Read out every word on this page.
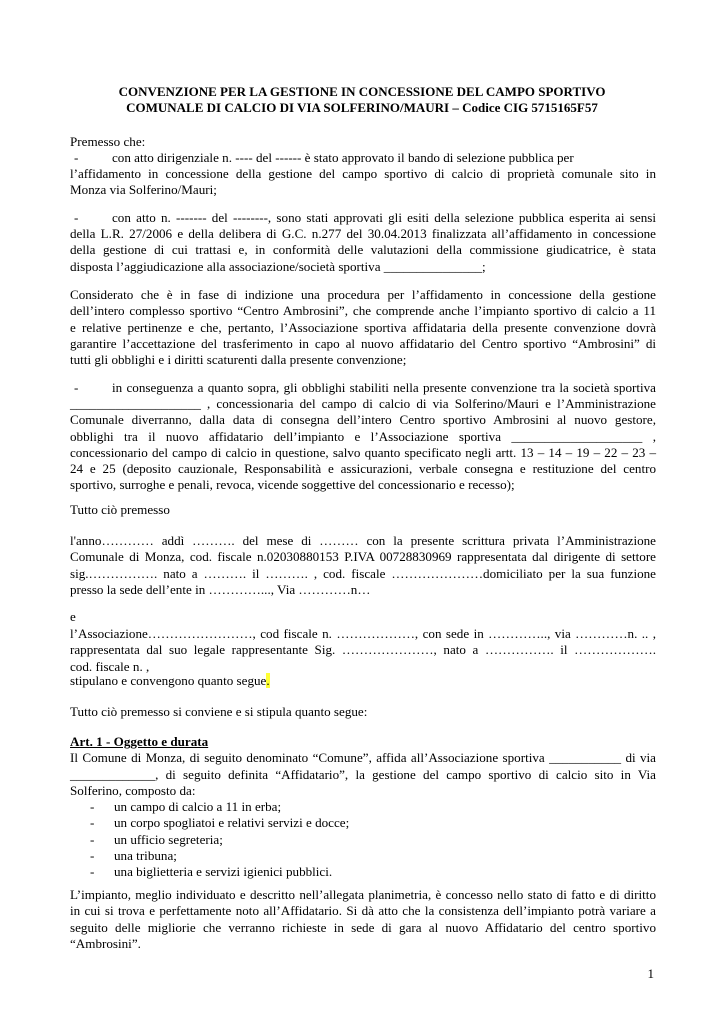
CONVENZIONE PER LA GESTIONE IN CONCESSIONE DEL CAMPO SPORTIVO
COMUNALE DI CALCIO DI VIA SOLFERINO/MAURI – Codice CIG 5715165F57
Premesso che:
-	con atto dirigenziale n. ---- del ------ è stato approvato il bando di selezione pubblica per
l’affidamento in concessione della gestione del campo sportivo di calcio di proprietà comunale sito in
Monza via Solferino/Mauri;
-	con atto n. ------- del --------, sono stati approvati gli esiti della selezione pubblica esperita ai sensi
della L.R. 27/2006 e della delibera di G.C. n.277 del 30.04.2013 finalizzata all’affidamento in concessione
della gestione di cui trattasi e, in conformità delle valutazioni della commissione giudicatrice, è stata
disposta l’aggiudicazione alla associazione/società sportiva _______________;
Considerato che è in fase di indizione una procedura per l’affidamento in concessione della gestione
dell’intero complesso sportivo “Centro Ambrosini”, che comprende anche l’impianto sportivo di calcio a 11
e relative pertinenze e che, pertanto, l’Associazione sportiva affidataria della presente convenzione dovrà
garantire l’accettazione del trasferimento in capo al nuovo affidatario del Centro sportivo “Ambrosini” di
tutti gli obblighi e i diritti scaturenti dalla presente convenzione;
-	in conseguenza a quanto sopra, gli obblighi stabiliti nella presente convenzione tra la società sportiva
____________________ , concessionaria del campo di calcio di via Solferino/Mauri e l’Amministrazione
Comunale diverranno, dalla data di consegna dell’intero Centro sportivo Ambrosini al nuovo gestore,
obblighi tra il nuovo affidatario dell’impianto e l’Associazione sportiva ____________________ ,
concessionario del campo di calcio in questione, salvo quanto specificato negli artt. 13 – 14 – 19 – 22 – 23 –
24 e 25 (deposito cauzionale, Responsabilità e assicurazioni, verbale consegna e restituzione del centro
sportivo, surroghe e penali, revoca, vicende soggettive del concessionario e recesso);
Tutto ciò premesso
l'anno………… addì ………. del mese di ……… con la presente scrittura privata l’Amministrazione
Comunale di Monza, cod. fiscale n.02030880153 P.IVA 00728830969 rappresentata dal dirigente di settore
sig.……………. nato a ………. il ………. , cod. fiscale …………………domiciliato per la sua funzione
presso la sede dell’ente in …………..., Via …………n…
e
l’Associazione……………………, cod fiscale n. ………………, con sede in ………….., via …………n. .. ,
rappresentata dal suo legale rappresentante Sig. …………………, nato a ……………. il ……………….
cod. fiscale n. ,
stipulano e convengono quanto segue.
Tutto ciò premesso si conviene e si stipula quanto segue:
Art. 1 - Oggetto e durata
Il Comune di Monza, di seguito denominato “Comune”, affida all’Associazione sportiva ___________ di via
_____________, di seguito definita “Affidatario”, la gestione del campo sportivo di calcio sito in Via
Solferino, composto da:
- un campo di calcio a 11 in erba;
- un corpo spogliatoi e relativi servizi e docce;
- un ufficio segreteria;
- una tribuna;
- una biglietteria e servizi igienici pubblici.
L’impianto, meglio individuato e descritto nell’allegata planimetria, è concesso nello stato di fatto e di diritto
in cui si trova e perfettamente noto all’Affidatario. Si dà atto che la consistenza dell’impianto potrà variare a
seguito delle migliorie che verranno richieste in sede di gara al nuovo Affidatario del centro sportivo
“Ambrosini”.
1
